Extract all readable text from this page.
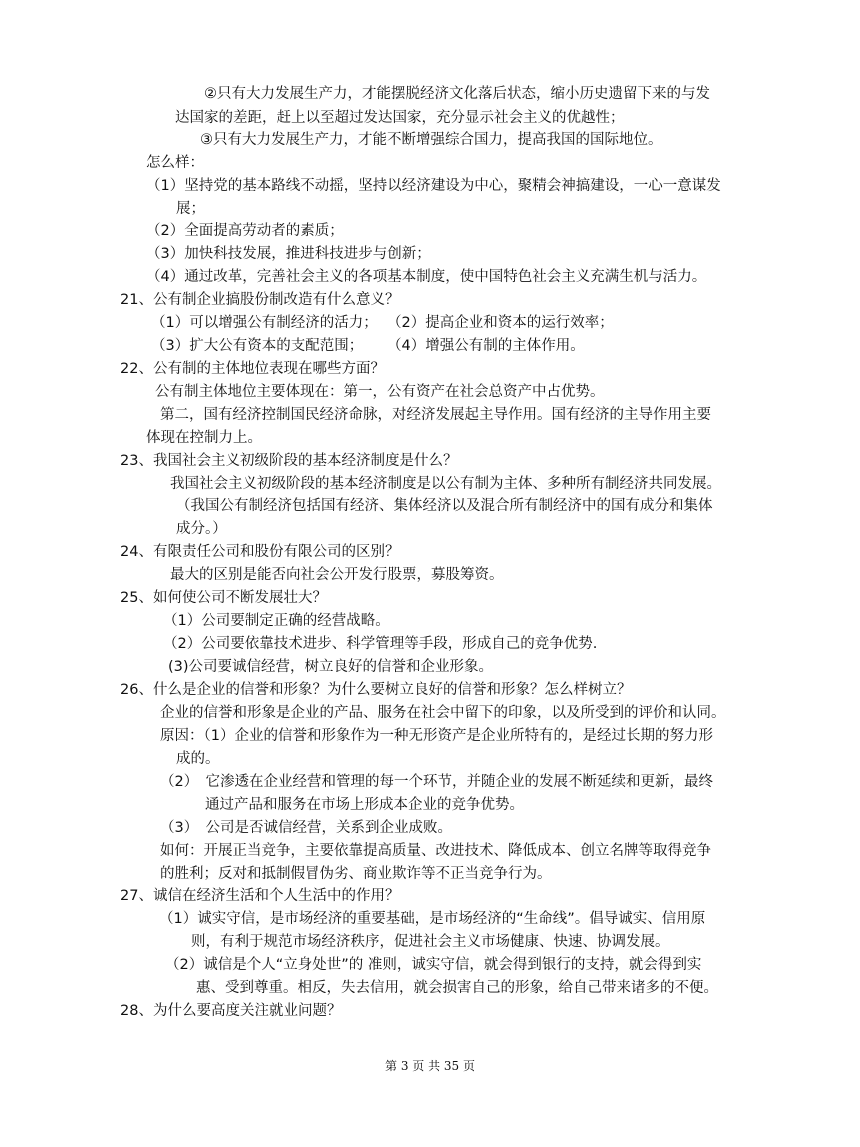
②只有大力发展生产力，才能摆脱经济文化落后状态，缩小历史遗留下来的与发
达国家的差距，赶上以至超过发达国家，充分显示社会主义的优越性；
③只有大力发展生产力，才能不断增强综合国力，提高我国的国际地位。
怎么样：
（1）坚持党的基本路线不动摇，坚持以经济建设为中心，聚精会神搞建设，一心一意谋发
展；
（2）全面提高劳动者的素质；
（3）加快科技发展，推进科技进步与创新；
（4）通过改革，完善社会主义的各项基本制度，使中国特色社会主义充满生机与活力。
21、公有制企业搞股份制改造有什么意义？
（1）可以增强公有制经济的活力； （2）提高企业和资本的运行效率；
（3）扩大公有资本的支配范围； （4）增强公有制的主体作用。
22、公有制的主体地位表现在哪些方面？
公有制主体地位主要体现在：第一，公有资产在社会总资产中占优势。
第二，国有经济控制国民经济命脉，对经济发展起主导作用。国有经济的主导作用主要
体现在控制力上。
23、我国社会主义初级阶段的基本经济制度是什么？
我国社会主义初级阶段的基本经济制度是以公有制为主体、多种所有制经济共同发展。
（我国公有制经济包括国有经济、集体经济以及混合所有制经济中的国有成分和集体
成分。）
24、有限责任公司和股份有限公司的区别？
最大的区别是能否向社会公开发行股票，募股筹资。
25、如何使公司不断发展壮大？
（1）公司要制定正确的经营战略。
（2）公司要依靠技术进步、科学管理等手段，形成自己的竞争优势.
(3)公司要诚信经营，树立良好的信誉和企业形象。
26、什么是企业的信誉和形象？为什么要树立良好的信誉和形象？怎么样树立？
企业的信誉和形象是企业的产品、服务在社会中留下的印象，以及所受到的评价和认同。
原因：（1）企业的信誉和形象作为一种无形资产是企业所特有的，是经过长期的努力形
成的。
（2）　它渗透在企业经营和管理的每一个环节，并随企业的发展不断延续和更新，最终
通过产品和服务在市场上形成本企业的竞争优势。
（3）　公司是否诚信经营，关系到企业成败。
如何：开展正当竞争，主要依靠提高质量、改进技术、降低成本、创立名牌等取得竞争
的胜利；反对和抵制假冒伪劣、商业欺诈等不正当竞争行为。
27、诚信在经济生活和个人生活中的作用？
（1）诚实守信，是市场经济的重要基础，是市场经济的“生命线”。倡导诚实、信用原
则，有利于规范市场经济秩序，促进社会主义市场健康、快速、协调发展。
（2）诚信是个人“立身处世”的 准则，诚实守信，就会得到银行的支持，就会得到实
惠、受到尊重。相反，失去信用，就会损害自己的形象，给自己带来诸多的不便。
28、为什么要高度关注就业问题？
第 3 页 共 35 页
